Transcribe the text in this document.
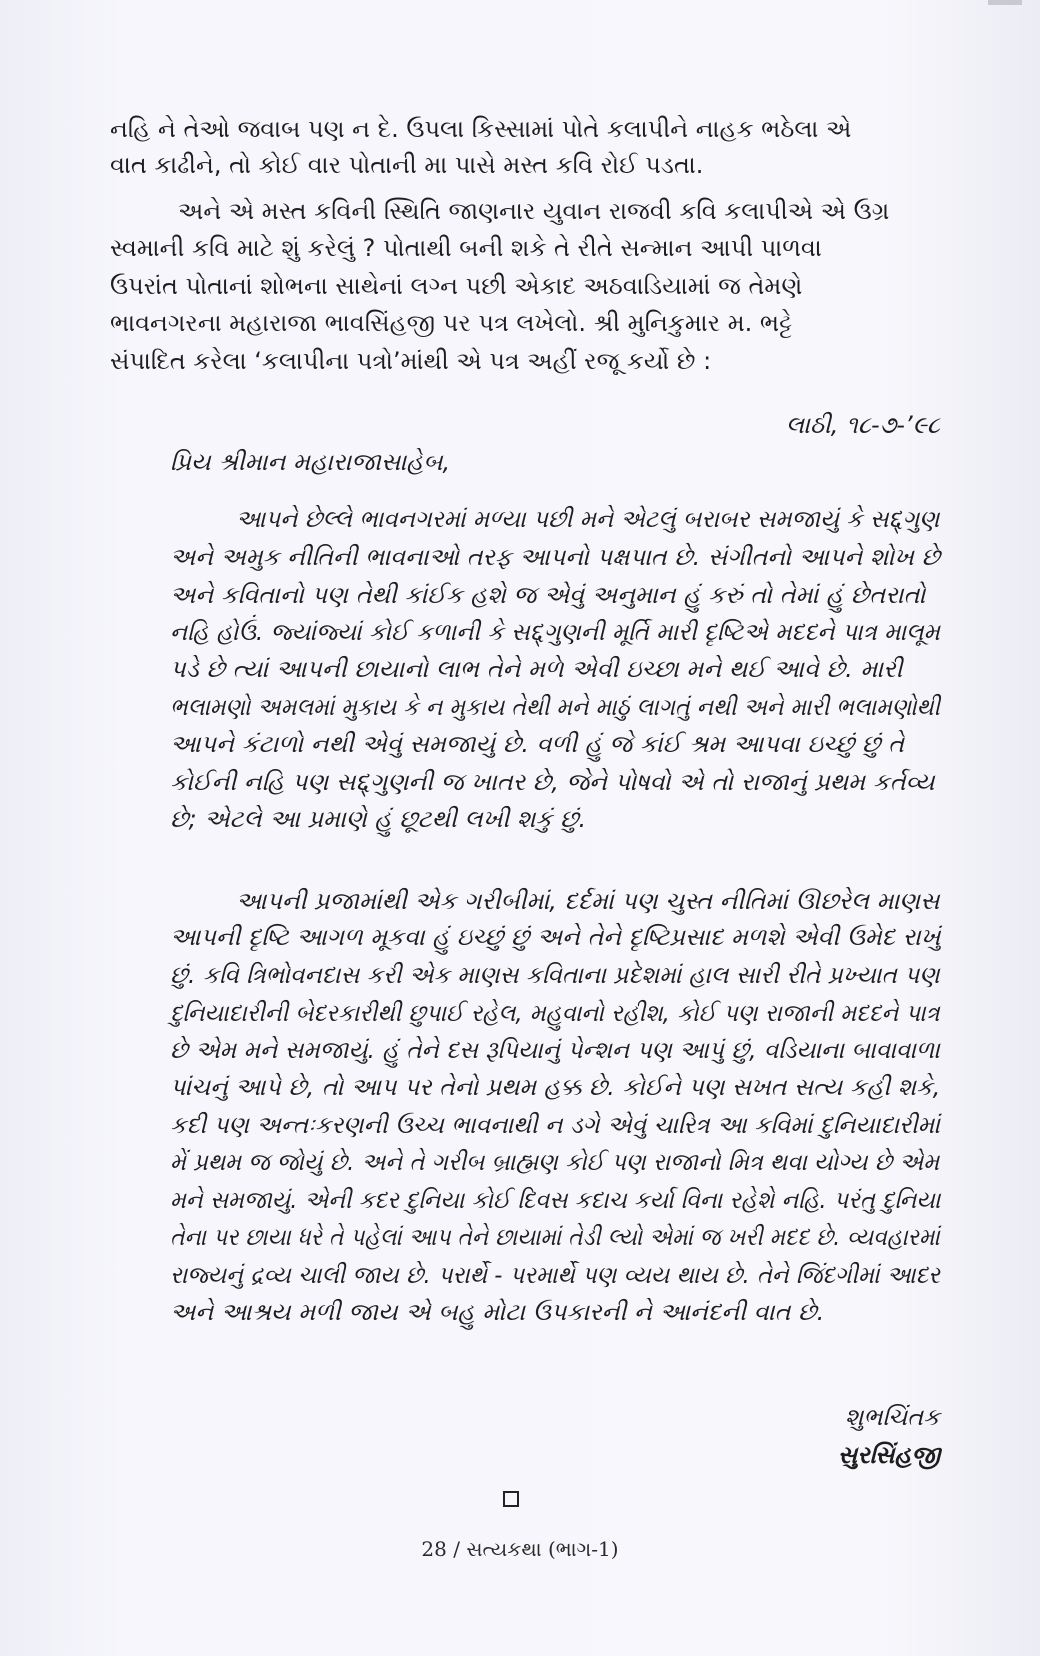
નહિ ને તેઓ જવાબ પણ ન દે. ઉપલા કિસ્સામાં પોતે કલાપીને નાહક ભઠેલા એ
વાત કાઢીને, તો કોઈ વાર પોતાની મા પાસે મસ્ત કવિ રોઈ પડતા.
અને એ મસ્ત કવિની સ્થિતિ જાણનાર યુવાન રાજવી કવિ કલાપીએ એ ઉગ્ર
સ્વમાની કવિ માટે શું કરેલું ? પોતાથી બની શકે તે રીતે સન્માન આપી પાળવા
ઉપરાંત પોતાનાં શોભના સાથેનાં લગ્ન પછી એકાદ અઠવાડિયામાં જ તેમણે
ભાવનગરના મહારાજા ભાવસિંહજી પર પત્ર લખેલો. શ્રી મુનિકુમાર મ. ભટ્ટે
સંપાદિત કરેલા ‘કલાપીના પત્રો’માંથી એ પત્ર અહીં રજૂ કર્યો છે :
લાઠી, ૧૮-૭-’૯૮
પ્રિય શ્રીમાન મહારાજાસાહેબ,
આપને છેલ્લે ભાવનગરમાં મળ્યા પછી મને એટલું બરાબર સમજાયું કે સદ્દ્ગુણ
અને અમુક નીતિની ભાવનાઓ તરફ આપનો પક્ષપાત છે. સંગીતનો આપને શોખ છે
અને કવિતાનો પણ તેથી કાંઈક હશે જ એવું અનુમાન હું કરું તો તેમાં હું છેતરાતો
નહિ હોઉં. જ્યાંજ્યાં કોઈ કળાની કે સદ્દ્ગુણની મૂર્તિ મારી દૃષ્ટિએ મદદને પાત્ર માલૂમ
પડે છે ત્યાં આપની છાયાનો લાભ તેને મળે એવી ઇચ્છા મને થઈ આવે છે. મારી
ભલામણો અમલમાં મુકાય કે ન મુકાય તેથી મને માઠું લાગતું નથી અને મારી ભલામણોથી
આપને કંટાળો નથી એવું સમજાયું છે. વળી હું જે કાંઈ શ્રમ આપવા ઇચ્છું છું તે
કોઈની નહિ પણ સદ્દ્ગુણની જ ખાતર છે, જેને પોષવો એ તો રાજાનું પ્રથમ કર્તવ્ય
છે; એટલે આ પ્રમાણે હું છૂટથી લખી શકું છું.
આપની પ્રજામાંથી એક ગરીબીમાં, દર્દમાં પણ ચુસ્ત નીતિમાં ઊછરેલ માણસ
આપની દૃષ્ટિ આગળ મૂકવા હું ઇચ્છું છું અને તેને દૃષ્ટિપ્રસાદ મળશે એવી ઉમેદ રાખું
છું. કવિ ત્રિભોવનદાસ કરી એક માણસ કવિતાના પ્રદેશમાં હાલ સારી રીતે પ્રખ્યાત પણ
દુનિયાદારીની બેદરકારીથી છુપાઈ રહેલ, મહુવાનો રહીશ, કોઈ પણ રાજાની મદદને પાત્ર
છે એમ મને સમજાયું. હું તેને દસ રૂપિયાનું પેન્શન પણ આપું છું, વડિયાના બાવાવાળા
પાંચનું આપે છે, તો આપ પર તેનો પ્રથમ હક્ક છે. કોઈને પણ સખત સત્ય કહી શકે,
કદી પણ અન્તઃકરણની ઉચ્ચ ભાવનાથી ન ડગે એવું ચારિત્ર આ કવિમાં દુનિયાદારીમાં
મેં પ્રથમ જ જોયું છે. અને તે ગરીબ બ્રાહ્મણ કોઈ પણ રાજાનો મિત્ર થવા યોગ્ય છે એમ
મને સમજાયું. એની કદર દુનિયા કોઈ દિવસ કદાચ કર્યા વિના રહેશે નહિ. પરંતુ દુનિયા
તેના પર છાયા ધરે તે પહેલાં આપ તેને છાયામાં તેડી લ્યો એમાં જ ખરી મદદ છે. વ્યવહારમાં
રાજ્યનું દ્રવ્ય ચાલી જાય છે. પરાર્થે - પરમાર્થે પણ વ્યય થાય છે. તેને જિંદગીમાં આદર
અને આશ્રય મળી જાય એ બહુ મોટા ઉપકારની ને આનંદની વાત છે.
શુભચિંતક
સુરસિંહજી
28 / સત્યકથા (ભાગ-1)
